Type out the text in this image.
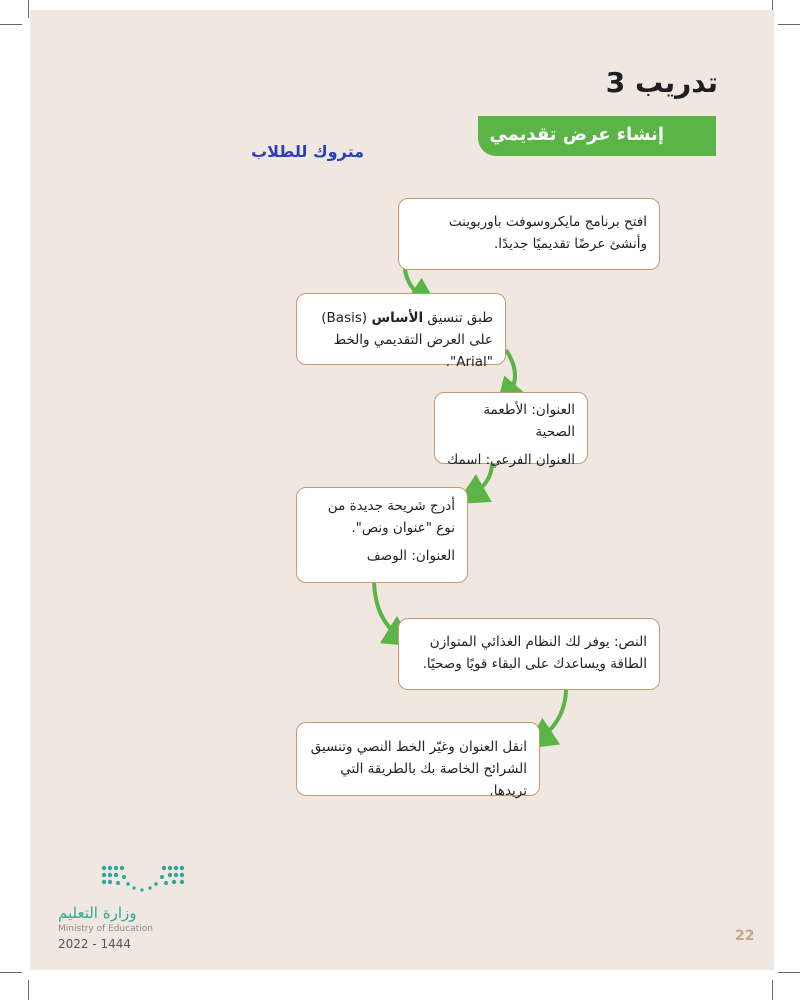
تدريب 3
إنشاء عرض تقديمي
متروك للطلاب

افتح برنامج مايكروسوفت باوربوينت وأنشئ عرضًا تقديميًا جديدًا.

طبق تنسيق الأساس (Basis) على العرض التقديمي والخط "Arial".

العنوان: الأطعمة الصحية

العنوان الفرعي: اسمك

أدرج شريحة جديدة من نوع "عنوان ونص".

العنوان: الوصف

النص: يوفر لك النظام الغذائي المتوازن الطاقة ويساعدك على البقاء قويًا وصحيًا.

انقل العنوان وغيّر الخط النصي وتنسيق الشرائح الخاصة بك بالطريقة التي تريدها.

وزارة التعليم
Ministry of Education
2022 - 1444	22
